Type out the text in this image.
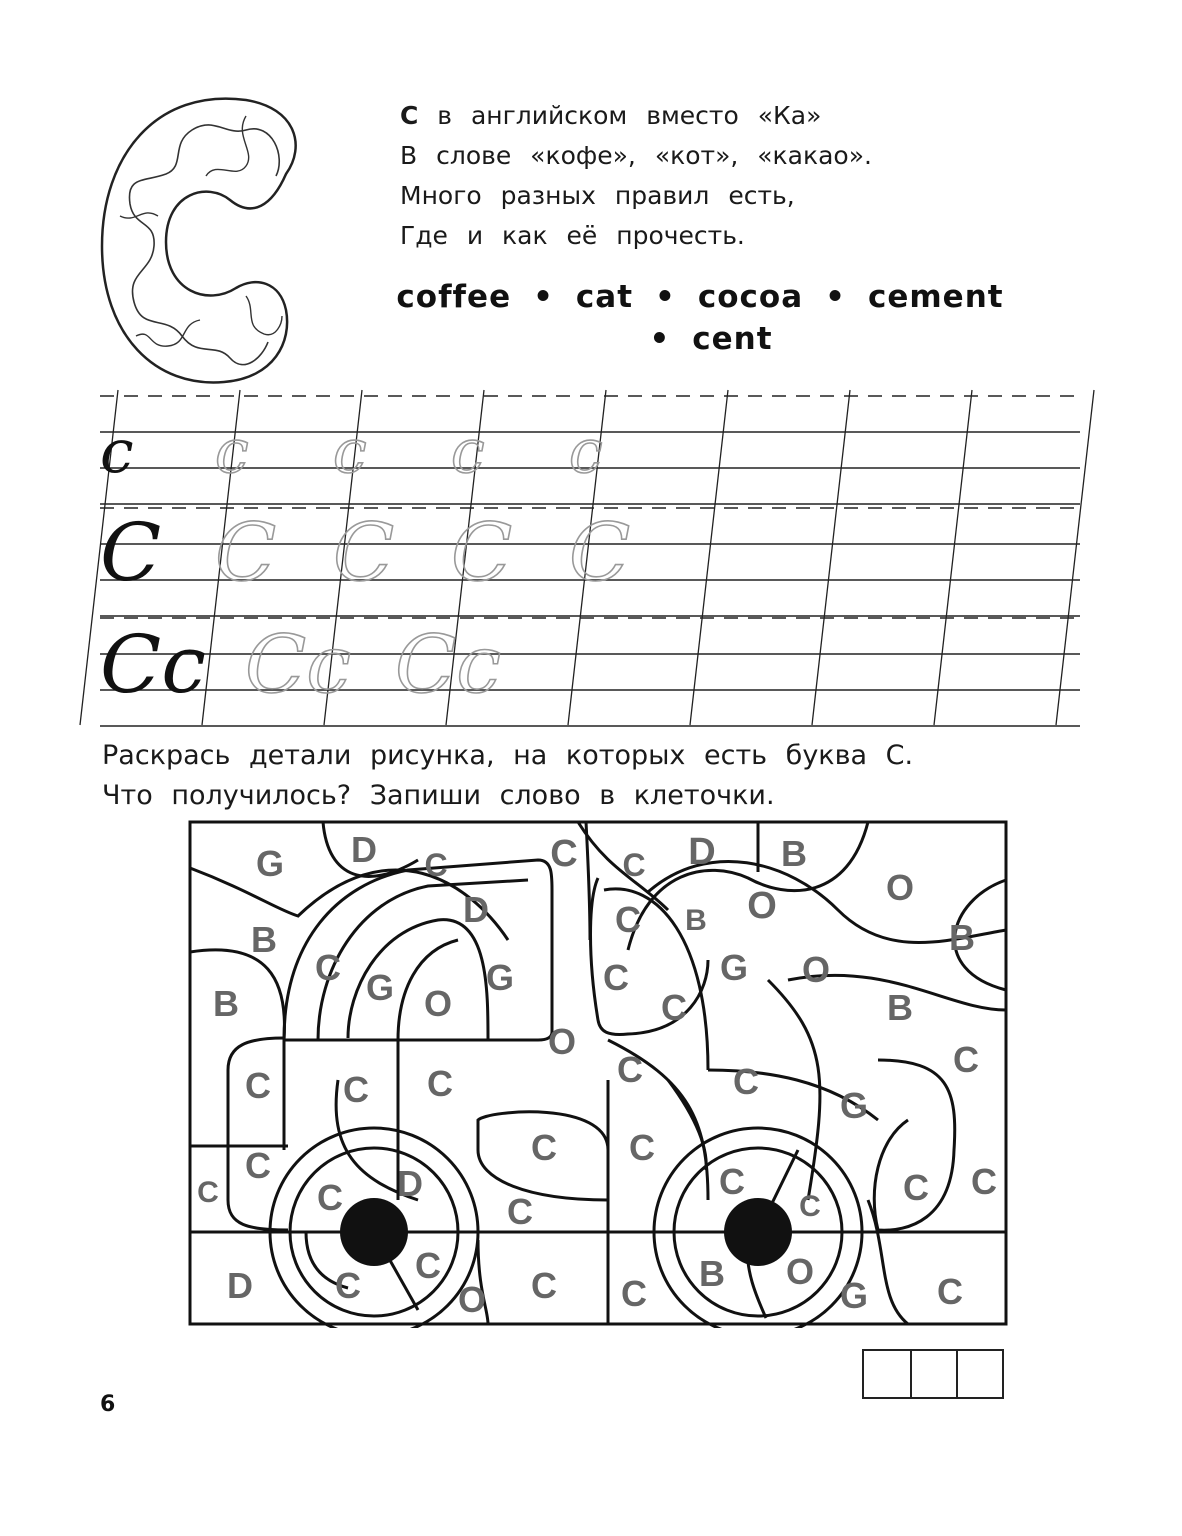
C в английском вместо «Ка»
В слове «кофе», «кот», «какао».
Много разных правил есть,
Где и как её прочесть.
coffee • cat • cocoa • cement
• cent
c c c c c
C C C C C
Cc Cc Cc
Раскрась детали рисунка, на которых есть буква С.
Что получилось? Запиши слово в клеточки.
G D C	C C D B
O
B
D	C	O
B	B
C G O
G C	G O
B	C	B
O	C
C C C	C	C
G
C C
C
C	C D	C
C C
C
C
D C C
O C C B O
G C
6
